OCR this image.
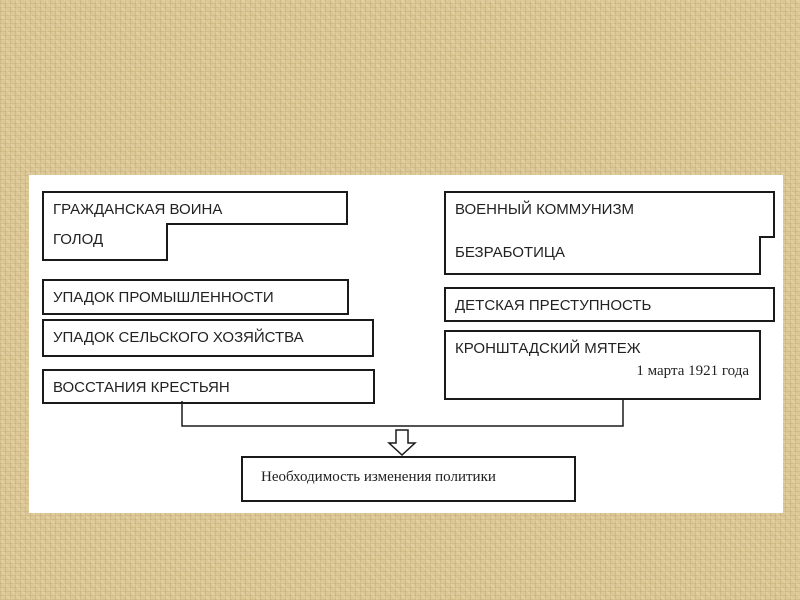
ГРАЖДАНСКАЯ ВОИНА
ГОЛОД
УПАДОК ПРОМЫШЛЕННОСТИ
УПАДОК СЕЛЬСКОГО ХОЗЯЙСТВА
ВОССТАНИЯ КРЕСТЬЯН
ВОЕННЫЙ КОММУНИЗМ
БЕЗРАБОТИЦА
ДЕТСКАЯ ПРЕСТУПНОСТЬ
КРОНШТАДСКИЙ МЯТЕЖ
1 марта 1921 года
Необходимость изменения политики
